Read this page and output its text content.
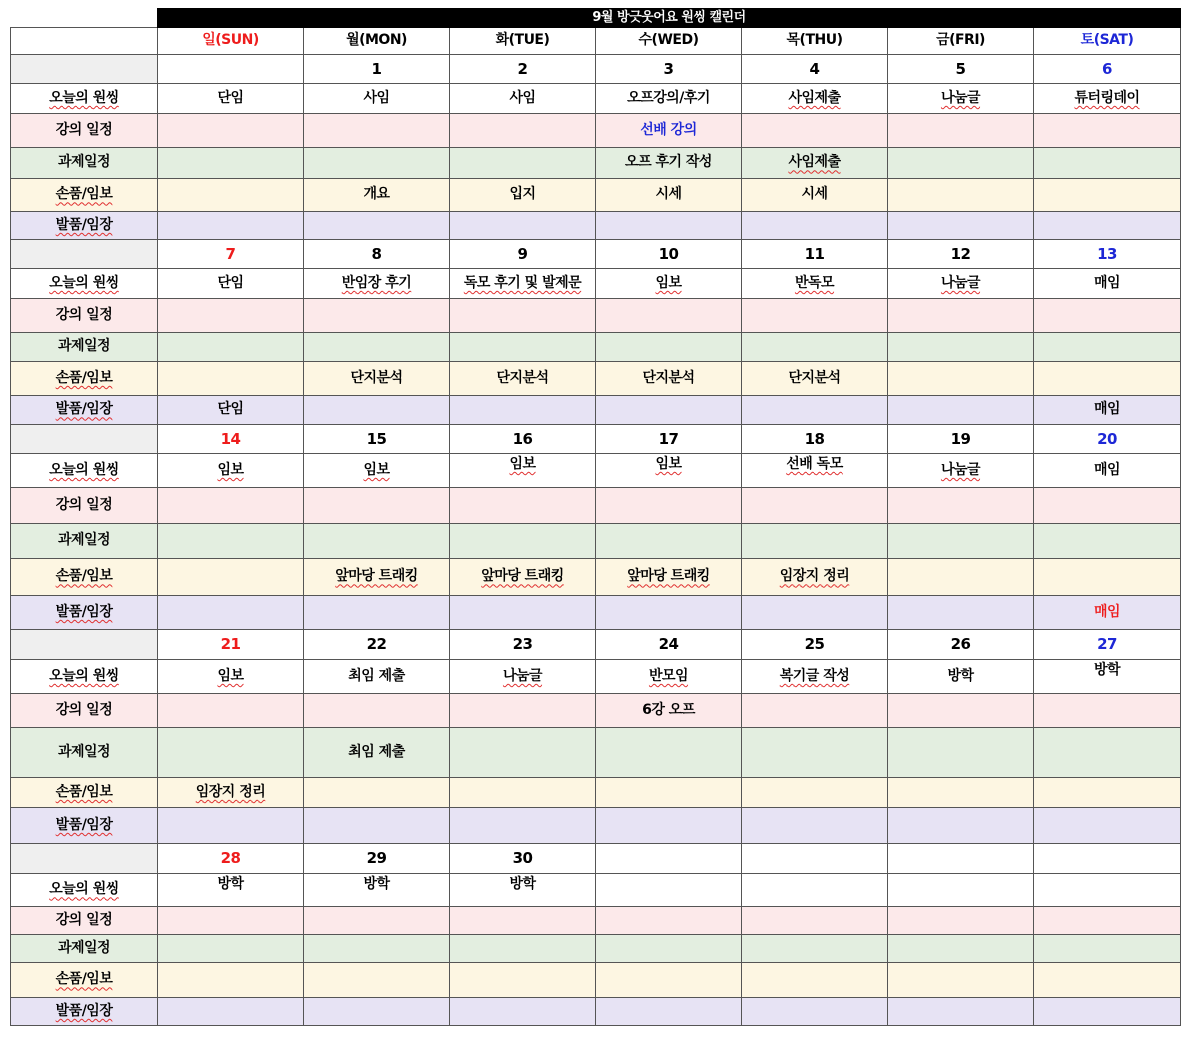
	9월 방긋웃어요 원씽 캘린더						
	일(SUN)	월(MON)	화(TUE)	수(WED)	목(THU)	금(FRI)	토(SAT)
		1	2	3	4	5	6
오늘의 원씽	단임	사임	사임	오프강의/후기	사임제출	나눔글	튜터링데이
강의 일정				선배 강의			
과제일정				오프 후기 작성	사임제출		
손품/임보		개요	입지	시세	시세		
발품/임장							
	7	8	9	10	11	12	13
오늘의 원씽	단임	반임장 후기	독모 후기 및 발제문	임보	반독모	나눔글	매임
강의 일정							
과제일정							
손품/임보		단지분석	단지분석	단지분석	단지분석		
발품/임장	단임						매임
	14	15	16	17	18	19	20
오늘의 원씽	임보	임보	임보	임보	선배 독모	나눔글	매임
강의 일정							
과제일정							
손품/임보		앞마당 트래킹	앞마당 트래킹	앞마당 트래킹	임장지 정리		
발품/임장							매임
	21	22	23	24	25	26	27
오늘의 원씽	임보	최임 제출	나눔글	반모임	복기글 작성	방학	방학
강의 일정				6강 오프			
과제일정		최임 제출					
손품/임보	임장지 정리						
발품/임장							
	28	29	30				
오늘의 원씽	방학	방학	방학				
강의 일정							
과제일정							
손품/임보							
발품/임장							
